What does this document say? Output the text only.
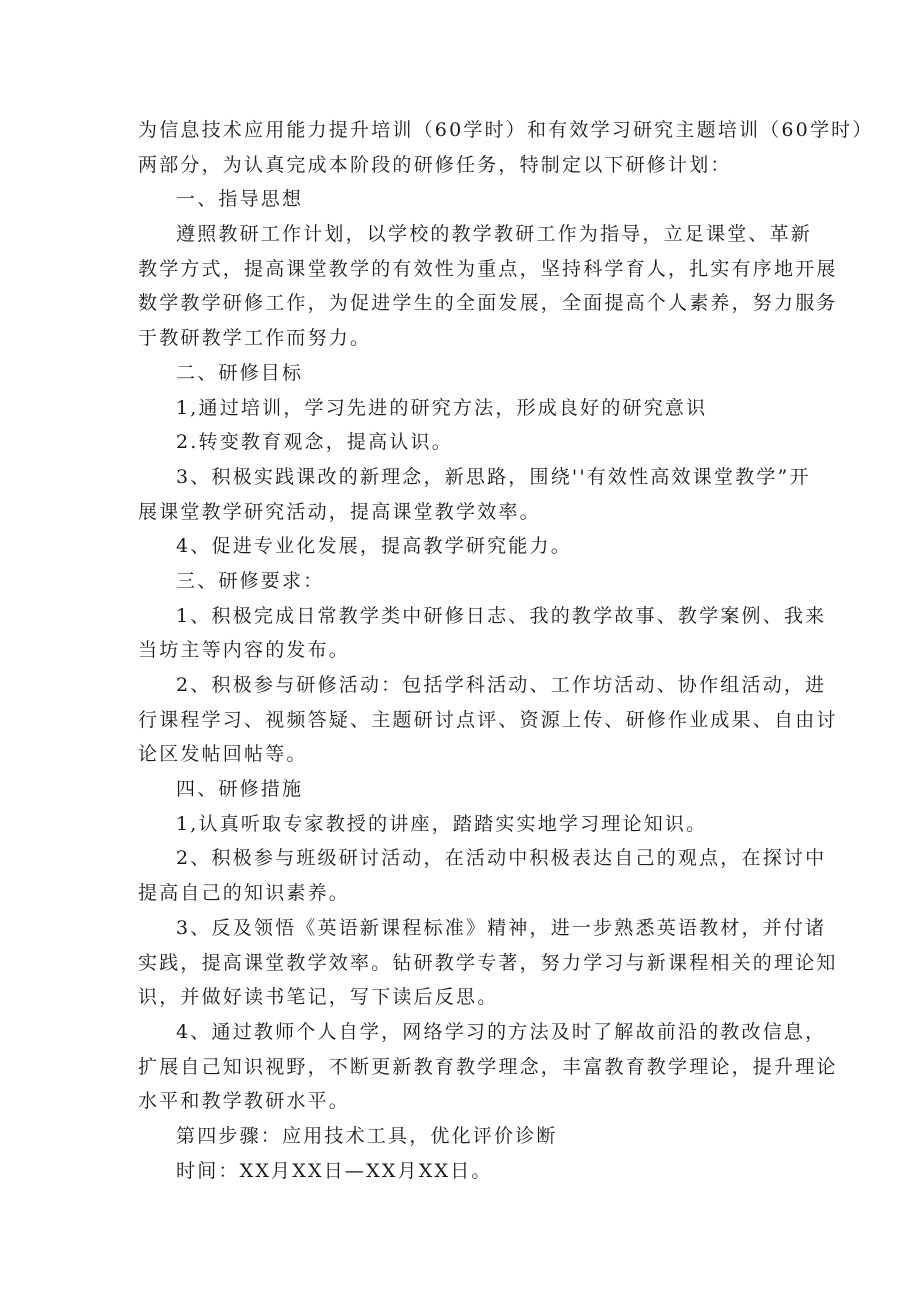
为信息技术应用能力提升培训（60学时）和有效学习研究主题培训（60学时）
两部分，为认真完成本阶段的研修任务，特制定以下研修计划：
一、指导思想
遵照教研工作计划，以学校的教学教研工作为指导，立足课堂、革新
教学方式，提高课堂教学的有效性为重点，坚持科学育人，扎实有序地开展
数学教学研修工作，为促进学生的全面发展，全面提高个人素养，努力服务
于教研教学工作而努力。
二、研修目标
1,通过培训，学习先进的研究方法，形成良好的研究意识
2.转变教育观念，提高认识。
3、积极实践课改的新理念，新思路，围绕''有效性高效课堂教学”开
展课堂教学研究活动，提高课堂教学效率。
4、促进专业化发展，提高教学研究能力。
三、研修要求：
1、积极完成日常教学类中研修日志、我的教学故事、教学案例、我来
当坊主等内容的发布。
2、积极参与研修活动：包括学科活动、工作坊活动、协作组活动，进
行课程学习、视频答疑、主题研讨点评、资源上传、研修作业成果、自由讨
论区发帖回帖等。
四、研修措施
1,认真听取专家教授的讲座，踏踏实实地学习理论知识。
2、积极参与班级研讨活动，在活动中积极表达自己的观点，在探讨中
提高自己的知识素养。
3、反及领悟《英语新课程标准》精神，进一步熟悉英语教材，并付诸
实践，提高课堂教学效率。钻研教学专著，努力学习与新课程相关的理论知
识，并做好读书笔记，写下读后反思。
4、通过教师个人自学，网络学习的方法及时了解故前沿的教改信息，
扩展自己知识视野，不断更新教育教学理念，丰富教育教学理论，提升理论
水平和教学教研水平。
第四步骤：应用技术工具，优化评价诊断
时间：XX月XX日—XX月XX日。
